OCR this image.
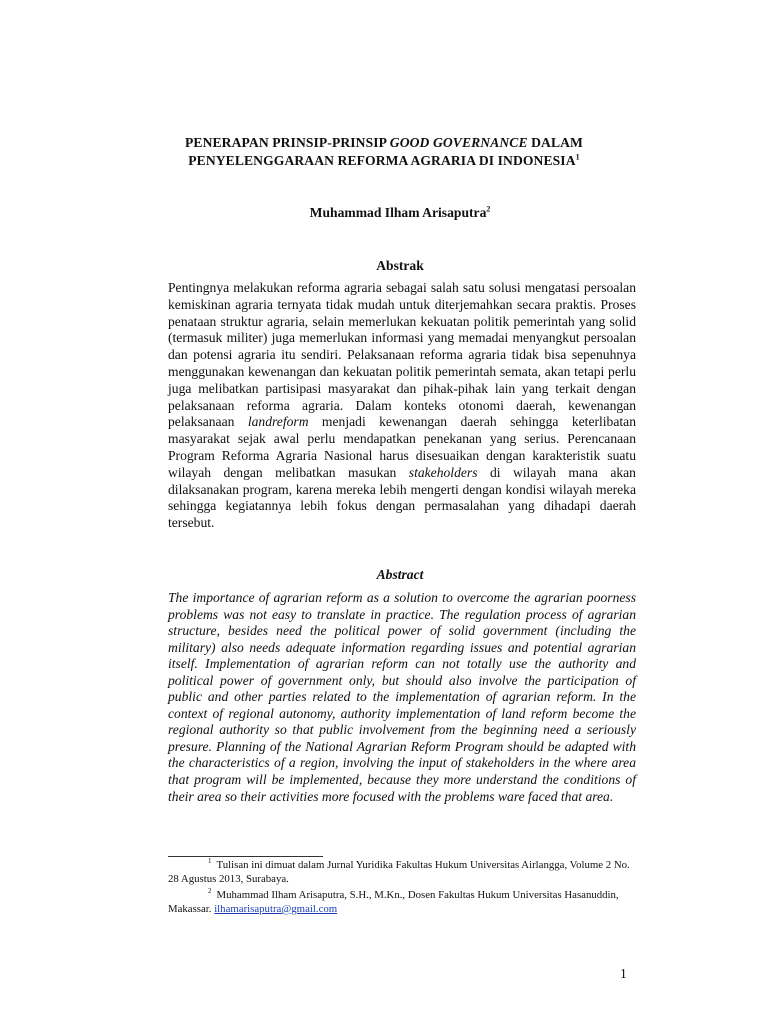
PENERAPAN PRINSIP-PRINSIP GOOD GOVERNANCE DALAM
PENYELENGGARAAN REFORMA AGRARIA DI INDONESIA$^1$
Muhammad Ilham Arisaputra$^2$
Abstrak

Pentingnya melakukan reforma agraria sebagai salah satu solusi mengatasi persoalan kemiskinan agraria ternyata tidak mudah untuk diterjemahkan secara praktis. Proses penataan struktur agraria, selain memerlukan kekuatan politik pemerintah yang solid (termasuk militer) juga memerlukan informasi yang memadai menyangkut persoalan dan potensi agraria itu sendiri. Pelaksanaan reforma agraria tidak bisa sepenuhnya menggunakan kewenangan dan kekuatan politik pemerintah semata, akan tetapi perlu juga melibatkan partisipasi masyarakat dan pihak-pihak lain yang terkait dengan pelaksanaan reforma agraria. Dalam konteks otonomi daerah, kewenangan pelaksanaan landreform menjadi kewenangan daerah sehingga keterlibatan masyarakat sejak awal perlu mendapatkan penekanan yang serius. Perencanaan Program Reforma Agraria Nasional harus disesuaikan dengan karakteristik suatu wilayah dengan melibatkan masukan stakeholders di wilayah mana akan dilaksanakan program, karena mereka lebih mengerti dengan kondisi wilayah mereka sehingga kegiatannya lebih fokus dengan permasalahan yang dihadapi daerah tersebut.

Abstract

The importance of agrarian reform as a solution to overcome the agrarian poorness problems was not easy to translate in practice. The regulation process of agrarian structure, besides need the political power of solid government (including the military) also needs adequate information regarding issues and potential agrarian itself. Implementation of agrarian reform can not totally use the authority and political power of government only, but should also involve the participation of public and other parties related to the implementation of agrarian reform. In the context of regional autonomy, authority implementation of land reform become the regional authority so that public involvement from the beginning need a seriously presure. Planning of the National Agrarian Reform Program should be adapted with the characteristics of a region, involving the input of stakeholders in the where area that program will be implemented, because they more understand the conditions of their area so their activities more focused with the problems ware faced that area.

$^1$ Tulisan ini dimuat dalam Jurnal Yuridika Fakultas Hukum Universitas Airlangga, Volume 2 No. 28 Agustus 2013, Surabaya.

$^2$ Muhammad Ilham Arisaputra, S.H., M.Kn., Dosen Fakultas Hukum Universitas Hasanuddin, Makassar. ilhamarisaputra@gmail.com

1
